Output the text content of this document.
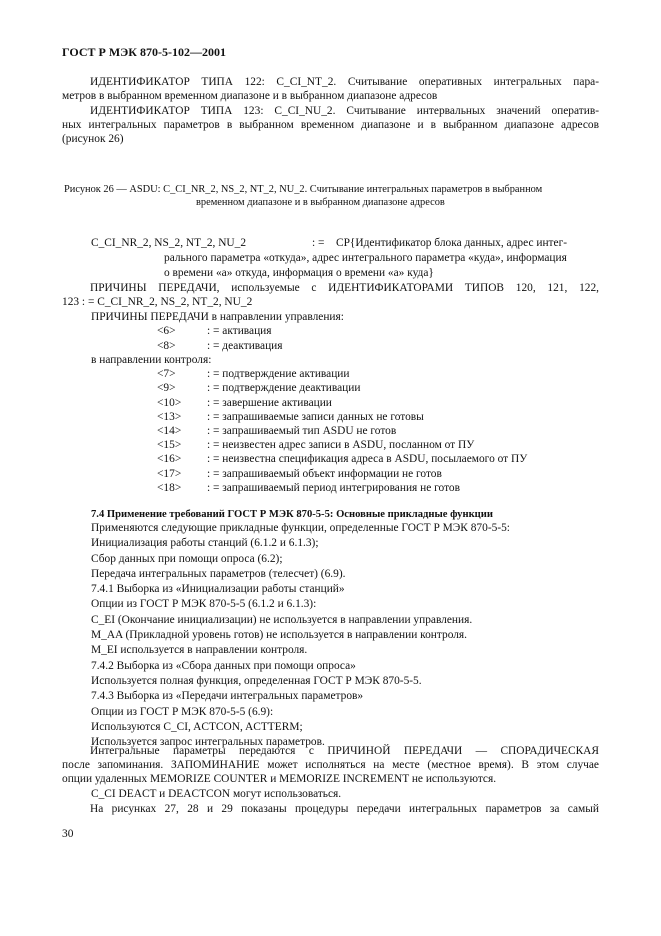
ГОСТ Р МЭК 870-5-102—2001
ИДЕНТИФИКАТОР ТИПА 122: C_CI_NT_2. Считывание оперативных интегральных пара-
метров в выбранном временном диапазоне и в выбранном диапазоне адресов
ИДЕНТИФИКАТОР ТИПА 123: C_CI_NU_2. Считывание интервальных значений оператив-
ных интегральных параметров в выбранном временном диапазоне и в выбранном диапазоне адресов
(рисунок 26)
Рисунок 26 — ASDU: C_CI_NR_2, NS_2, NT_2, NU_2. Считывание интегральных параметров в выбранном
временном диапазоне и в выбранном диапазоне адресов
C_CI_NR_2, NS_2, NT_2, NU_2	: = CP{Идентификатор блока данных, адрес интег-
рального параметра «откуда», адрес интегрального параметра «куда», информация
о времени «а» откуда, информация о времени «а» куда}
ПРИЧИНЫ ПЕРЕДАЧИ, используемые с ИДЕНТИФИКАТОРАМИ ТИПОВ 120, 121, 122,
123 : = C_CI_NR_2, NS_2, NT_2, NU_2
ПРИЧИНЫ ПЕРЕДАЧИ в направлении управления:
<6>	: = активация
<8>	: = деактивация
в направлении контроля:
<7>	: = подтверждение активации
<9>	: = подтверждение деактивации
<10> : = завершение активации
<13> : = запрашиваемые записи данных не готовы
<14> : = запрашиваемый тип ASDU не готов
<15> : = неизвестен адрес записи в ASDU, посланном от ПУ
<16> : = неизвестна спецификация адреса в ASDU, посылаемого от ПУ
<17> : = запрашиваемый объект информации не готов
<18> : = запрашиваемый период интегрирования не готов
7.4 Применение требований ГОСТ Р МЭК 870-5-5: Основные прикладные функции
Применяются следующие прикладные функции, определенные ГОСТ Р МЭК 870-5-5:
Инициализация работы станций (6.1.2 и 6.1.3);
Сбор данных при помощи опроса (6.2);
Передача интегральных параметров (телесчет) (6.9).
7.4.1 Выборка из «Инициализации работы станций»
Опции из ГОСТ Р МЭК 870-5-5 (6.1.2 и 6.1.3):
C_EI (Окончание инициализации) не используется в направлении управления.
M_AA (Прикладной уровень готов) не используется в направлении контроля.
M_EI используется в направлении контроля.
7.4.2 Выборка из «Сбора данных при помощи опроса»
Используется полная функция, определенная ГОСТ Р МЭК 870-5-5.
7.4.3 Выборка из «Передачи интегральных параметров»
Опции из ГОСТ Р МЭК 870-5-5 (6.9):
Используются C_CI, ACTCON, ACTTERM;
Используется запрос интегральных параметров.
Интегральные параметры передаются с ПРИЧИНОЙ ПЕРЕДАЧИ — СПОРАДИЧЕСКАЯ
после запоминания. ЗАПОМИНАНИЕ может исполняться на месте (местное время). В этом случае
опции удаленных MEMORIZE COUNTER и MEMORIZE INCREMENT не используются.
C_CI DEACT и DEACTCON могут использоваться.
На рисунках 27, 28 и 29 показаны процедуры передачи интегральных параметров за самый
30
